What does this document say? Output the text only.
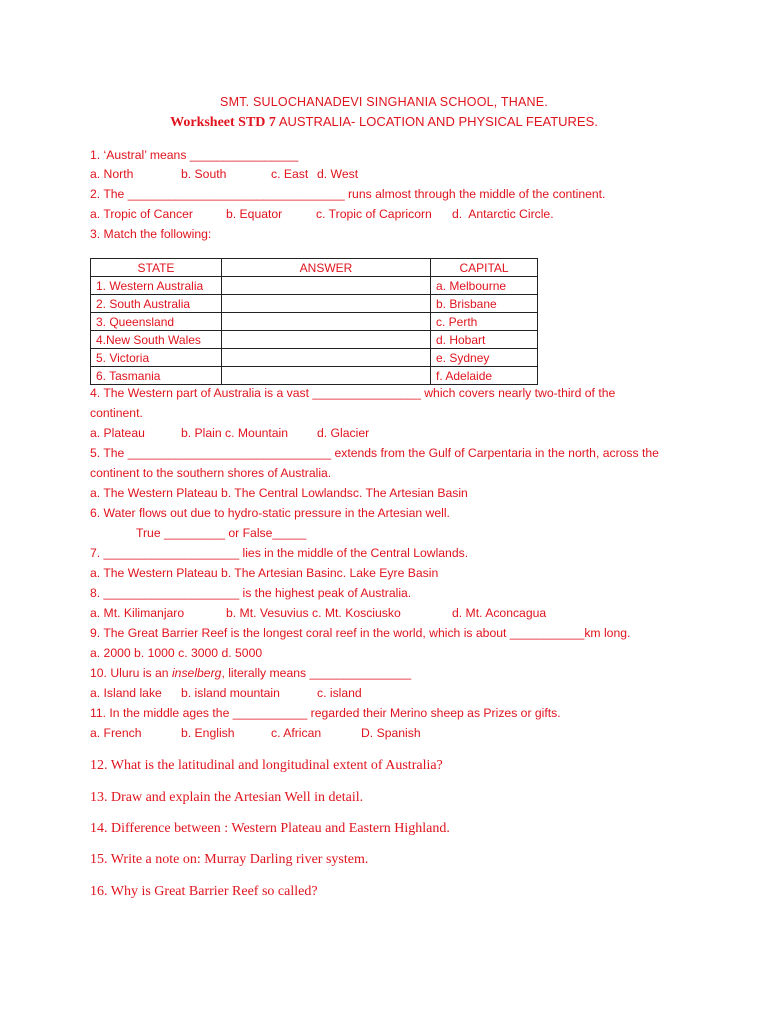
SMT. SULOCHANADEVI SINGHANIA SCHOOL, THANE.
Worksheet STD 7 AUSTRALIA- LOCATION AND PHYSICAL FEATURES.
1. ‘Austral’ means ________________
a. North	b. South	c. East d. West
2. The ________________________________ runs almost through the middle of the continent.
a. Tropic of Cancer	b. Equator	c. Tropic of Capricorn d.  Antarctic Circle.
3. Match the following:
STATE	ANSWER	CAPITAL
1. Western Australia		a. Melbourne
2. South Australia		b. Brisbane
3. Queensland		c. Perth
4.New South Wales		d. Hobart
5. Victoria		e. Sydney
6. Tasmania		f. Adelaide
4. The Western part of Australia is a vast ________________ which covers nearly two-third of the
continent.
a. Plateau	b. Plain c. Mountain d. Glacier
5. The ______________________________ extends from the Gulf of Carpentaria in the north, across the
continent to the southern shores of Australia.
a. The Western Plateau b. The Central Lowlandsc. The Artesian Basin
6. Water flows out due to hydro-static pressure in the Artesian well.
True _________ or False_____
7. ____________________ lies in the middle of the Central Lowlands.
a. The Western Plateau b. The Artesian Basinc. Lake Eyre Basin
8. ____________________ is the highest peak of Australia.
a. Mt. Kilimanjaro	b. Mt. Vesuvius c. Mt. Kosciusko	d. Mt. Aconcagua
9. The Great Barrier Reef is the longest coral reef in the world, which is about ___________km long.
a. 2000 b. 1000 c. 3000 d. 5000
10. Uluru is an inselberg, literally means _______________
a. Island lake b. island mountain	c. island
11. In the middle ages the ___________ regarded their Merino sheep as Prizes or gifts.
a. French	b. English	c. African	D. Spanish
12. What is the latitudinal and longitudinal extent of Australia?
13. Draw and explain the Artesian Well in detail.
14. Difference between : Western Plateau and Eastern Highland.
15. Write a note on: Murray Darling river system.
16. Why is Great Barrier Reef so called?
